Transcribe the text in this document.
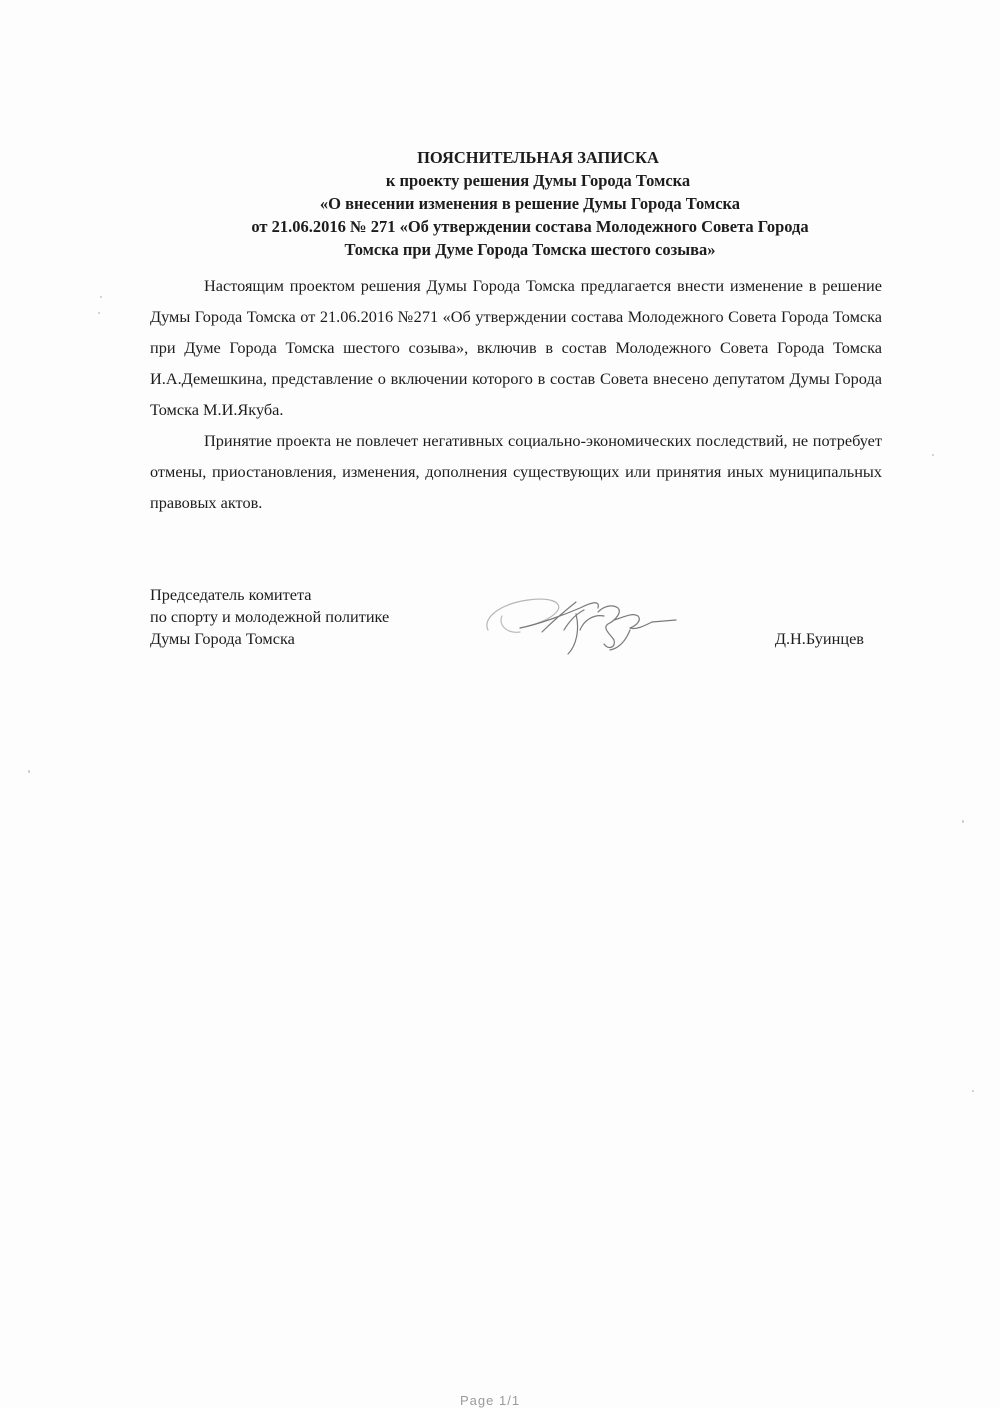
ПОЯСНИТЕЛЬНАЯ ЗАПИСКА
к проекту решения Думы Города Томска
«О внесении изменения в решение Думы Города Томска
от 21.06.2016 № 271 «Об утверждении состава Молодежного Совета Города
Томска при Думе Города Томска шестого созыва»

Настоящим проектом решения Думы Города Томска предлагается внести изменение в решение Думы Города Томска от 21.06.2016 №271 «Об утверждении состава Молодежного Совета Города Томска при Думе Города Томска шестого созыва», включив в состав Молодежного Совета Города Томска И.А.Демешкина, представление о включении которого в состав Совета внесено депутатом Думы Города Томска М.И.Якуба.

Принятие проекта не повлечет негативных социально-экономических последствий, не потребует отмены, приостановления, изменения, дополнения существующих или принятия иных муниципальных правовых актов.

Председатель комитета
по спорту и молодежной политике
Думы Города Томска	Д.Н.Буинцев
Page 1/1
